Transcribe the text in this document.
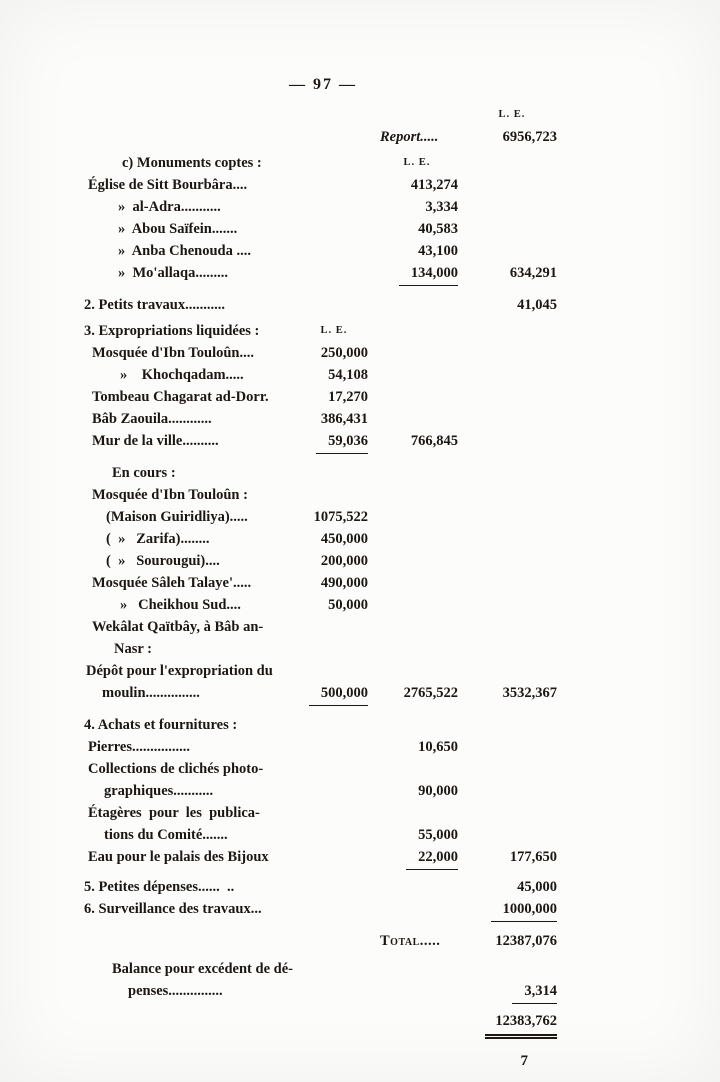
— 97 —
L. E.
Report.....	6956,723
c) Monuments coptes :	L. E.
Église de Sitt Bourbâra....	413,274
»  al-Adra...........	3,334
»  Abou Saïfein.......	40,583
»  Anba Chenouda ....	43,100
»  Mo'allaqa.........	134,000	634,291
2. Petits travaux...........	41,045
3. Expropriations liquidées :	L. E.
Mosquée d'Ibn Touloûn....	250,000
»    Khochqadam.....	54,108
Tombeau Chagarat ad-Dorr.	17,270
Bâb Zaouila............	386,431
Mur de la ville..........	59,036	766,845
En cours :
Mosquée d'Ibn Touloûn :
(Maison Guiridliya).....	1075,522
(  »   Zarifa)........	450,000
(  »   Sourougui)....	200,000
Mosquée Sâleh Talaye'.....	490,000
»   Cheikhou Sud....	50,000
Wekâlat Qaïtbây, à Bâb an-
Nasr :
Dépôt pour l'expropriation du
moulin...............	500,000	2765,522	3532,367
4. Achats et fournitures :
Pierres................	10,650
Collections de clichés photo-
graphiques...........	90,000
Étagères  pour  les  publica-
tions du Comité.......	55,000
Eau pour le palais des Bijoux	22,000	177,650
5. Petites dépenses......  ..	45,000
6. Surveillance des travaux...	1000,000
Total.....	12387,076
Balance pour excédent de dé-
penses...............	3,314
12383,762
7
